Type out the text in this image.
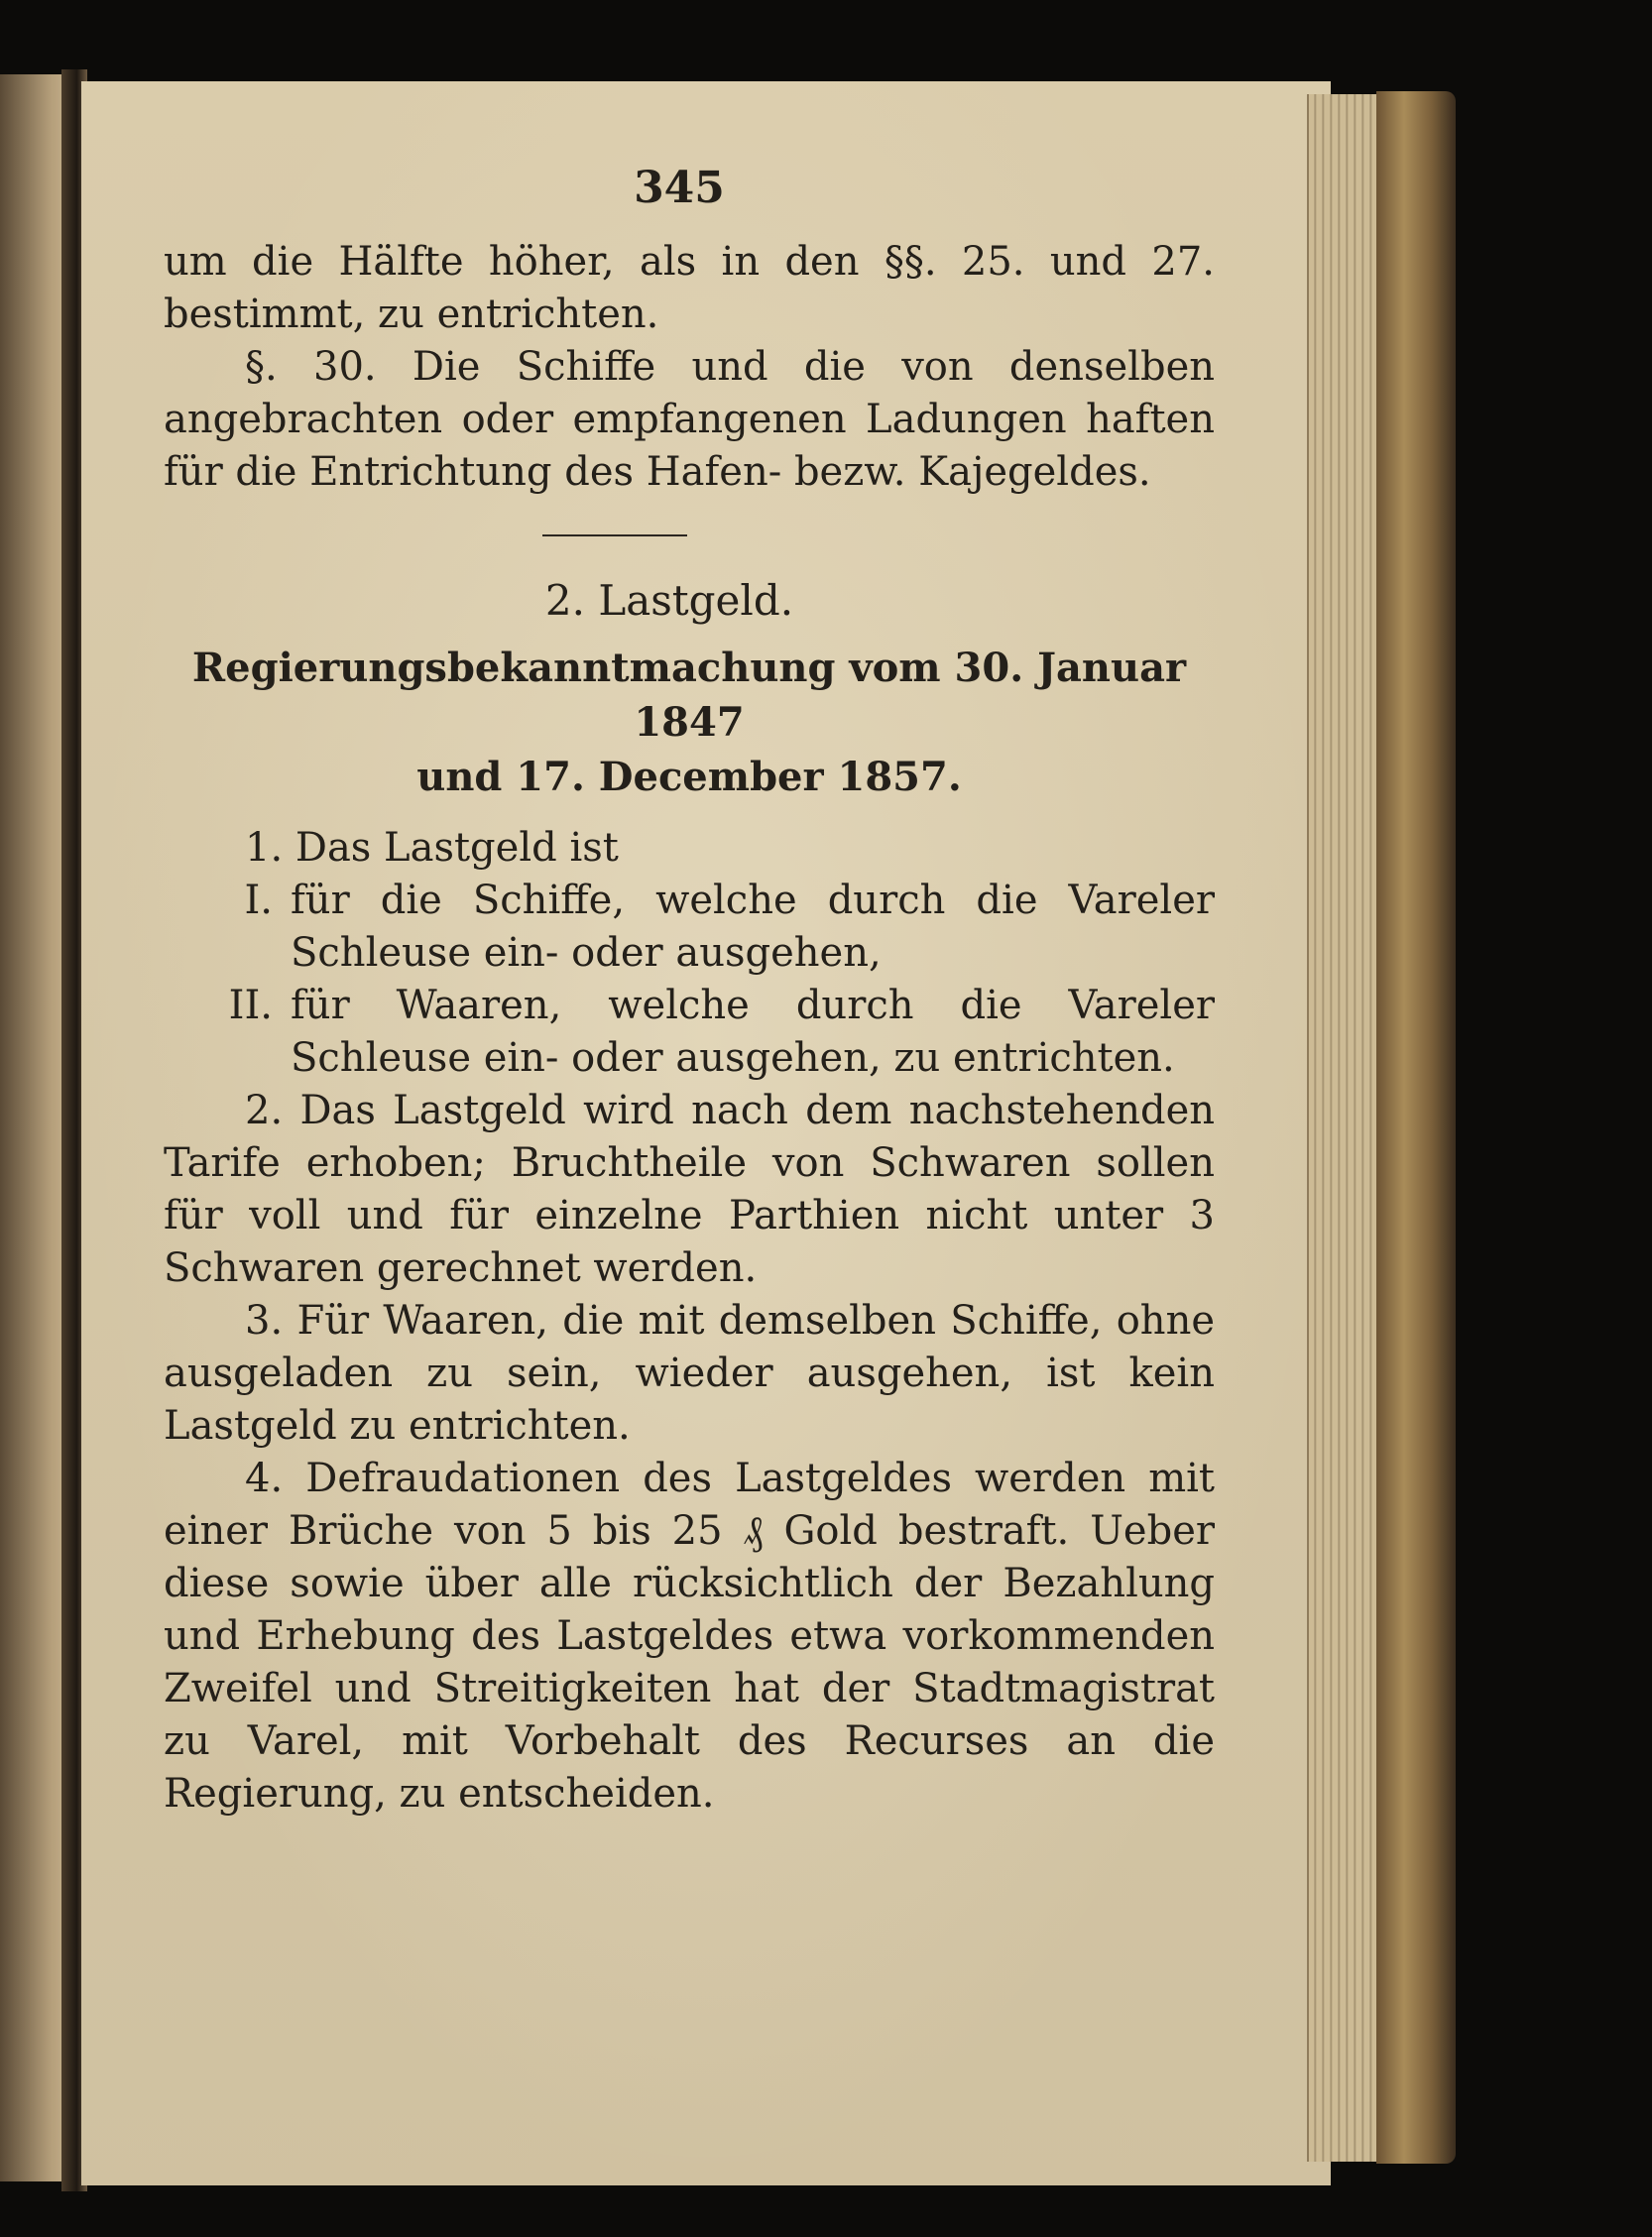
345

um die Hälfte höher, als in den §§. 25. und 27. bestimmt, zu entrichten.

§. 30. Die Schiffe und die von denselben angebrachten oder empfangenen Ladungen haften für die Entrichtung des Hafen- bezw. Kajegeldes.

2. Lastgeld.
Regierungsbekanntmachung vom 30. Januar 1847
und 17. December 1857.

1. Das Lastgeld ist

I. für die Schiffe, welche durch die Vareler Schleuse ein- oder ausgehen,
II. für Waaren, welche durch die Vareler Schleuse ein- oder ausgehen, zu entrichten.

2. Das Lastgeld wird nach dem nachstehenden Tarife erhoben; Bruchtheile von Schwaren sollen für voll und für einzelne Parthien nicht unter 3 Schwaren gerechnet werden.

3. Für Waaren, die mit demselben Schiffe, ohne ausgeladen zu sein, wieder ausgehen, ist kein Lastgeld zu entrichten.

4. Defraudationen des Lastgeldes werden mit einer Brüche von 5 bis 25 ₰ Gold bestraft. Ueber diese sowie über alle rücksichtlich der Bezahlung und Erhebung des Lastgeldes etwa vorkommenden Zweifel und Streitigkeiten hat der Stadtmagistrat zu Varel, mit Vorbehalt des Recurses an die Regierung, zu entscheiden.
